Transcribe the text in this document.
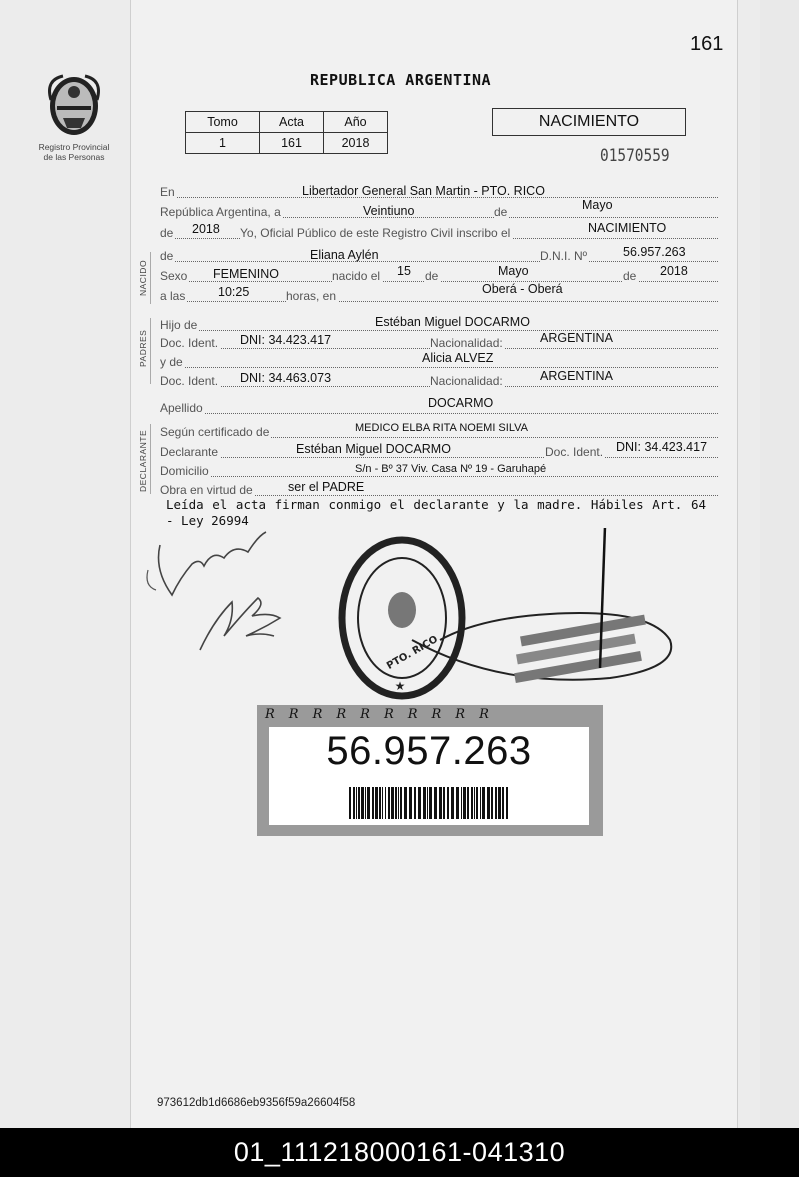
161
Registro Provincial
de las Personas
REPUBLICA ARGENTINA
Tomo	Acta	Año
1	161	2018
NACIMIENTO
01570559
En	Libertador General San Martin - PTO. RICO
República Argentina, a	Veintiuno	de	Mayo
de 2018 Yo, Oficial Público de este Registro Civil inscribo el	NACIMIENTO
NACIDO
de	Eliana Aylén	D.N.I. Nº	56.957.263
Sexo FEMENINO	nacido el 15 de	Mayo	de 2018
a las	10:25	horas, en	Oberá - Oberá
PADRES
Hijo de	Estéban Miguel DOCARMO
Doc. Ident. DNI: 34.423.417	Nacionalidad:	ARGENTINA
y de	Alicia ALVEZ
Doc. Ident. DNI: 34.463.073	Nacionalidad:	ARGENTINA
Apellido	DOCARMO
DECLARANTE Según certificado de	MEDICO ELBA RITA NOEMI SILVA
Declarante	Estéban Miguel DOCARMO	Doc. Ident. DNI: 34.423.417
Domicilio	S/n - Bº 37 Viv. Casa Nº 19 - Garuhapé
Obra en virtud de	ser el PADRE
Leída el acta firman conmigo el declarante y la madre. Hábiles Art. 64 - Ley 26994
PTO. RICO
★
RRRRRRRRRR
56.957.263
973612db1d6686eb9356f59a26604f58
01_111218000161-041310
